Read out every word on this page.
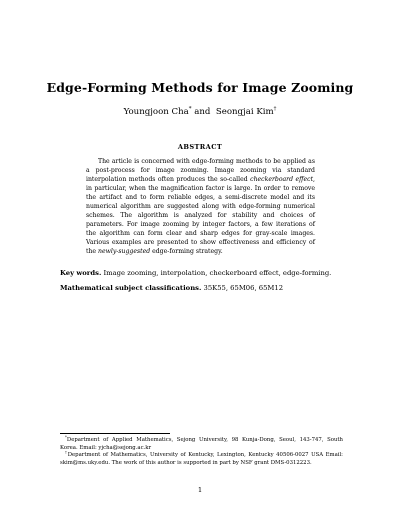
Edge-Forming Methods for Image Zooming
Youngjoon Cha* and  Seongjai Kim†
ABSTRACT

The article is concerned with edge-forming methods to be applied as a post-process for image zooming. Image zooming via standard interpolation methods often produces the so-called checkerboard effect, in particular, when the magnification factor is large. In order to remove the artifact and to form reliable edges, a semi-discrete model and its numerical algorithm are suggested along with edge-forming numerical schemes. The algorithm is analyzed for stability and choices of parameters. For image zooming by integer factors, a few iterations of the algorithm can form clear and sharp edges for gray-scale images. Various examples are presented to show effectiveness and efficiency of the newly-suggested edge-forming strategy.

Key words. Image zooming, interpolation, checkerboard effect, edge-forming.
Mathematical subject classifications. 35K55, 65M06, 65M12

*Department of Applied Mathematics, Sejong University, 98 Kunja-Dong, Seoul, 143-747, South Korea. Email: yjcha@sejong.ac.kr

†Department of Mathematics, University of Kentucky, Lexington, Kentucky 40506-0027 USA Email: skim@ms.uky.edu. The work of this author is supported in part by NSF grant DMS-0312223.

1
